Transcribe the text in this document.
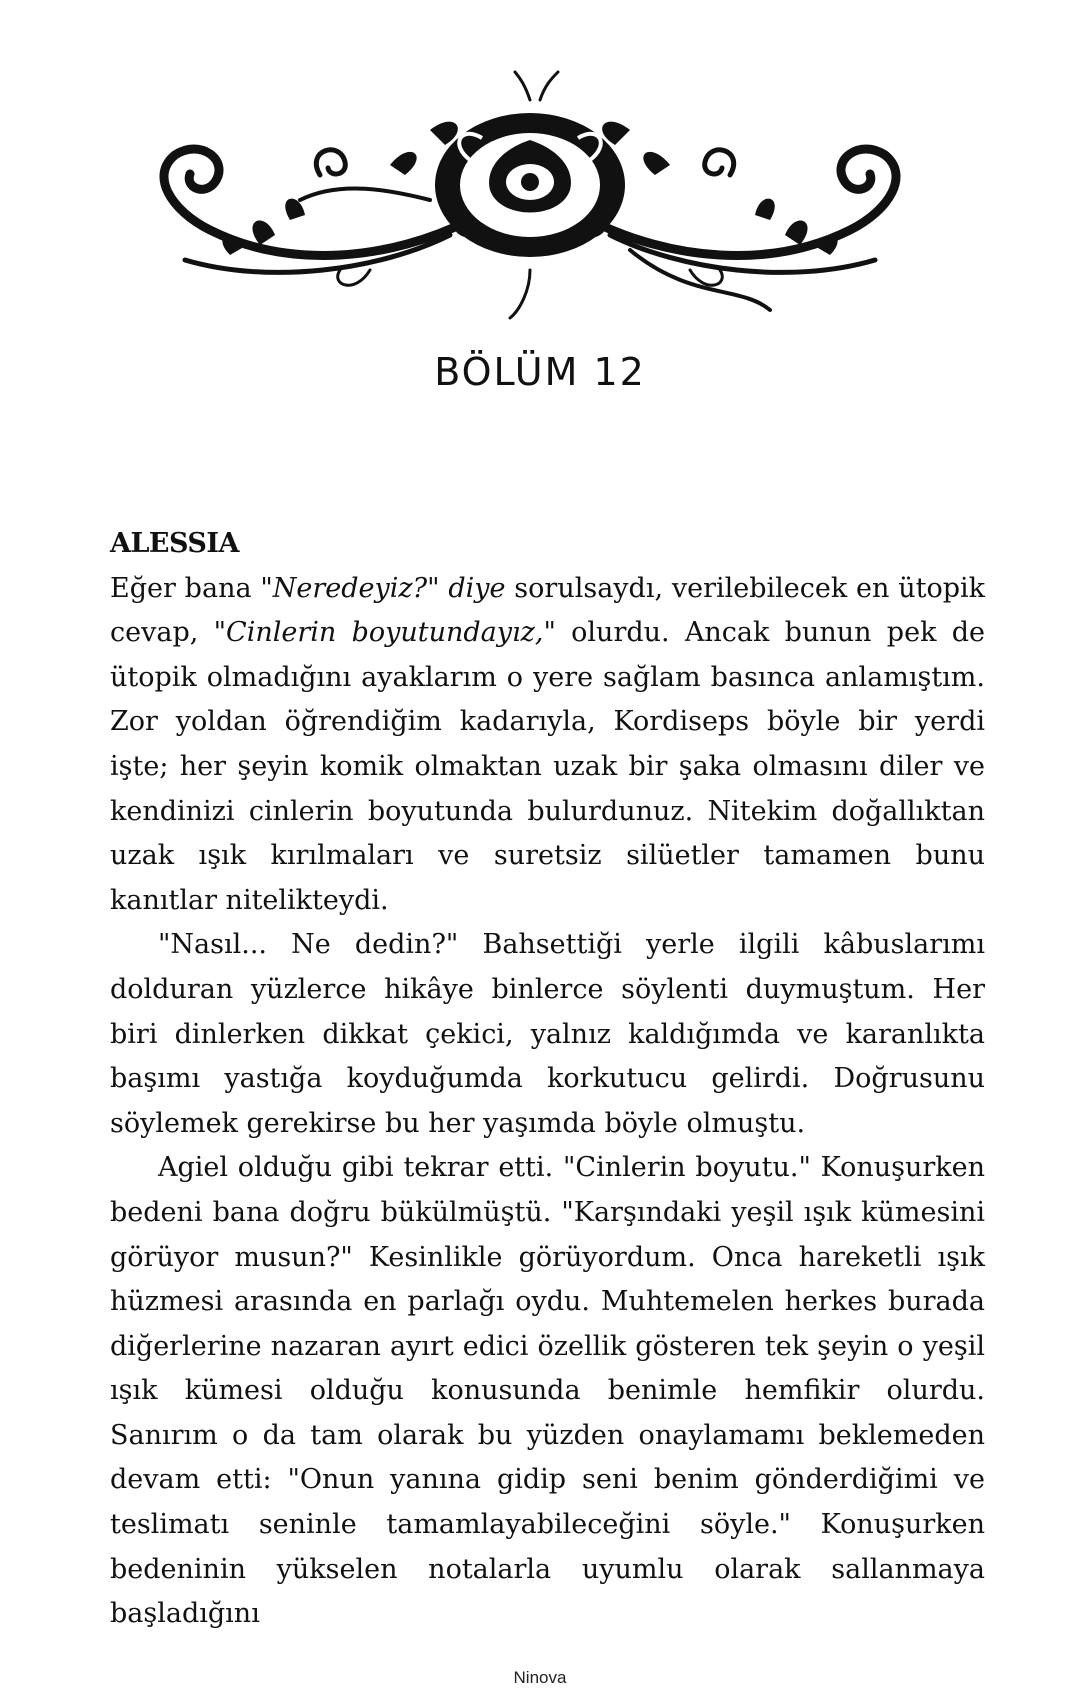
BÖLÜM 12
ALESSIA

Eğer bana "Neredeyiz?" diye sorulsaydı, verilebilecek en ütopik cevap, "Cinlerin boyutundayız," olurdu. Ancak bunun pek de ütopik olmadığını ayaklarım o yere sağlam basınca anlamıştım. Zor yoldan öğrendiğim kadarıyla, Kordiseps böyle bir yerdi işte; her şeyin komik olmaktan uzak bir şaka olmasını diler ve kendinizi cinlerin boyutunda bulurdunuz. Nitekim doğallıktan uzak ışık kırılmaları ve suretsiz silüetler tamamen bunu kanıtlar nitelikteydi.

"Nasıl... Ne dedin?" Bahsettiği yerle ilgili kâbuslarımı dolduran yüzlerce hikâye binlerce söylenti duymuştum. Her biri dinlerken dikkat çekici, yalnız kaldığımda ve karanlıkta başımı yastığa koyduğumda korkutucu gelirdi. Doğrusunu söylemek gerekirse bu her yaşımda böyle olmuştu.

Agiel olduğu gibi tekrar etti. "Cinlerin boyutu." Konuşurken bedeni bana doğru bükülmüştü. "Karşındaki yeşil ışık kümesini görüyor musun?" Kesinlikle görüyordum. Onca hareketli ışık hüzmesi arasında en parlağı oydu. Muhtemelen herkes burada diğerlerine nazaran ayırt edici özellik gösteren tek şeyin o yeşil ışık kümesi olduğu konusunda benimle hemfikir olurdu. Sanırım o da tam olarak bu yüzden onaylamamı beklemeden devam etti: "Onun yanına gidip seni benim gönderdiğimi ve teslimatı seninle tamamlayabileceğini söyle." Konuşurken bedeninin yükselen notalarla uyumlu olarak sallanmaya başladığını

Ninova
